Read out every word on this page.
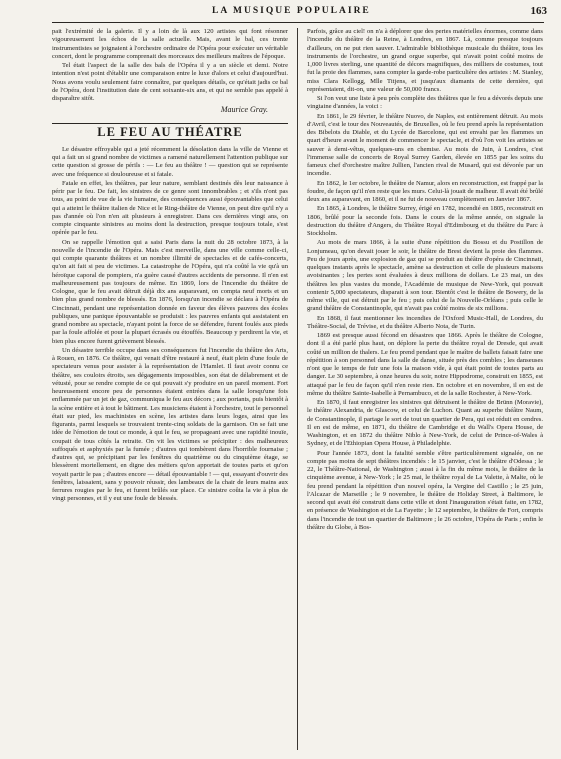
LA MUSIQUE POPULAIRE	163

pait l'extrémité de la galerie. Il y a loin de là aux 120 artistes qui font résonner vigoureusement les échos de la salle actuelle. Mais, avant le bal, ces trente instrumentistes se joignaient à l'orchestre ordinaire de l'Opéra pour exécuter un véritable concert, dont le programme comprenait des morceaux des meilleurs maîtres de l'époque.

Tel était l'aspect de la salle des bals de l'Opéra il y a un siècle et demi. Notre intention n'est point d'établir une comparaison entre le luxe d'alors et celui d'aujourd'hui. Nous avons voulu seulement faire connaître, par quelques détails, ce qu'était jadis ce bal de l'Opéra, dont l'institution date de cent soixante-six ans, et qui ne semble pas appelé à disparaître sitôt.

Maurice Gray.
LE FEU AU THÉATRE

Le désastre effroyable qui a jeté récemment la désolation dans la ville de Vienne et qui a fait un si grand nombre de victimes a ramené naturellement l'attention publique sur cette question si grosse de périls : — Le feu au théâtre ! — question qui se représente avec une fréquence si douloureuse et si fatale.

Fatale en effet, les théâtres, par leur nature, semblant destinés dès leur naissance à périr par le feu. De fait, les sinistres de ce genre sont innombrables ; et s'ils n'ont pas tous, au point de vue de la vie humaine, des conséquences aussi épouvantables que celui qui a atteint le théâtre italien de Nice et le Ring-théâtre de Vienne, on peut dire qu'il n'y a pas d'année où l'on n'en ait plusieurs à enregistrer. Dans ces dernières vingt ans, on compte cinquante sinistres au moins dont la destruction, presque toujours totale, s'est opérée par le feu.

On se rappelle l'émotion qui a saisi Paris dans la nuit du 28 octobre 1873, à la nouvelle de l'incendie de l'Opéra. Mais c'est merveille, dans une ville comme celle-ci, qui compte quarante théâtres et un nombre illimité de spectacles et de cafés-concerts, qu'on ait fait si peu de victimes. La catastrophe de l'Opéra, qui n'a coûté la vie qu'à un héroïque caporal de pompiers, n'a guère causé d'autres accidents de personne. Il n'en est malheureusement pas toujours de même. En 1869, lors de l'incendie du théâtre de Cologne, que le feu avait détruit déjà dix ans auparavant, on compta neuf morts et un bien plus grand nombre de blessés. En 1876, lorsqu'un incendie se déclara à l'Opéra de Cincinnati, pendant une représentation donnée en faveur des élèves pauvres des écoles publiques, une panique épouvantable se produisit : les pauvres enfants qui assistaient en grand nombre au spectacle, n'ayant point la force de se défendre, furent foulés aux pieds par la foule affolée et pour la plupart écrasés ou étouffés. Beaucoup y perdirent la vie, et bien plus encore furent grièvement blessés.

Un désastre terrible occupe dans ses conséquences fut l'incendie du théâtre des Arts, à Rouen, en 1876. Ce théâtre, qui venait d'être restauré à neuf, était plein d'une foule de spectateurs venus pour assister à la représentation de l'Hamlet. Il faut avoir connu ce théâtre, ses couloirs étroits, ses dégagements impossibles, son état de délabrement et de vétusté, pour se rendre compte de ce qui pouvait s'y produire en un pareil moment. Fort heureusement encore peu de personnes étaient entrées dans la salle lorsqu'une fois enflammée par un jet de gaz, communiqua le feu aux décors ; aux portants, puis bientôt à la scène entière et à tout le bâtiment. Les musiciens étaient à l'orchestre, tout le personnel était sur pied, les machinistes en scène, les artistes dans leurs loges, ainsi que les figurants, parmi lesquels se trouvaient trente-cinq soldats de la garnison. On se fait une idée de l'émotion de tout ce monde, à qui le feu, se propageant avec une rapidité inouïe, coupait de tous côtés la retraite. On vit les victimes se précipiter : des malheureux suffoqués et asphyxiés par la fumée ; d'autres qui tombèrent dans l'horrible fournaise ; d'autres qui, se précipitant par les fenêtres du quatrième ou du cinquième étage, se blessèrent mortellement, en digne des métiers qu'on apportait de toutes parts et qu'on voyait partir le pas ; d'autres encore — détail épouvantable ! — qui, essayant d'ouvrir des fenêtres, laissaient, sans y pouvoir réussir, des lambeaux de la chair de leurs mains aux ferrures rougies par le feu, et furent brûlés sur place. Ce sinistre coûta la vie à plus de vingt personnes, et il y eut une foule de blessés.

Parfois, grâce au ciel! on n'a à déplorer que des pertes matérielles énormes, comme dans l'incendie du théâtre de la Reine, à Londres, en 1867. Là, comme presque toujours d'ailleurs, on ne put rien sauver. L'admirable bibliothèque musicale du théâtre, tous les instruments de l'orchestre, un grand orgue superbe, qui n'avait point coûté moins de 1,000 livres sterling, une quantité de décors magnifiques, des milliers de costumes, tout fut la proie des flammes, sans compter la garde-robe particulière des artistes : M. Stanley, miss Clara Kellogg, Mlle Titjens, et jusqu'aux diamants de cette dernière, qui représentaient, dit-on, une valeur de 50,000 francs.

Si l'on veut une liste à peu près complète des théâtres que le feu a dévorés depuis une vingtaine d'années, la voici :

En 1861, le 29 février, le théâtre Nuovo, de Naples, est entièrement détruit. Au mois d'Avril, c'est le tour des Nouveautés, de Bruxelles, où le feu prend après la représentation des Bibelots du Diable, et du Lycée de Barcelone, qui est envahi par les flammes un quart d'heure avant le moment de commencer le spectacle, et d'où l'on voit les artistes se sauver à demi-vêtus, quelques-uns en chemise. Au mois de Juin, à Londres, c'est l'immense salle de concerts de Royal Surrey Garden, élevée en 1855 par les soins du fameux chef d'orchestre maître Jullien, l'ancien rival de Musard, qui est dévorée par un incendie.

En 1862, le 1er octobre, le théâtre de Namur, alors en reconstruction, est frappé par la foudre, de façon qu'il n'en reste que les murs. Celui-là jouait de malheur. Il avait été brûlé deux ans auparavant, en 1860, et il ne fut de nouveau complètement en Janvier 1867.

En 1865, à Londres, le théâtre Surrey, érigé en 1782, incendié en 1805, reconstruit en 1806, brûlé pour la seconde fois. Dans le cours de la même année, on signale la destruction du théâtre d'Angers, du Théâtre Royal d'Edimbourg et du théâtre du Parc à Stockholm.

Au mois de mars 1866, à la suite d'une répétition du Bossu et du Postillon de Lonjumeau, qu'on devait jouer le soir, le théâtre de Brest devient la proie des flammes. Peu de jours après, une explosion de gaz qui se produit au théâtre d'opéra de Cincinnati, quelques instants après le spectacle, amène sa destruction et celle de plusieurs maisons avoisinantes ; les pertes sont évaluées à deux millions de dollars. Le 23 mai, un des théâtres les plus vastes du monde, l'Académie de musique de New-York, qui pouvait contenir 5,000 spectateurs, disparait à son tour. Bientôt c'est le théâtre de Bowery, de la même ville, qui est détruit par le feu ; puis celui de la Nouvelle-Orléans ; puis celle le grand théâtre de Constantinople, qui n'avait pas coûté moins de six millions.

En 1868, il faut mentionner les incendies de l'Oxford Music-Hall, de Londres, du Théâtre-Social, de Trévise, et du théâtre Alberto Nota, de Turin.

1869 est presque aussi fécond en désastres que 1866. Après le théâtre de Cologne, dont il a été parlé plus haut, on déplore la perte du théâtre royal de Dresde, qui avait coûté un million de thalers. Le feu prend pendant que le maître de ballets faisait faire une répétition à son personnel dans la salle de danse, située près des combles ; les danseuses n'ont que le temps de fuir une fois la maison vide, à qui était point de toutes parts au danger. Le 30 septembre, à onze heures du soir, notre Hippodrome, construit en 1855, est attaqué par le feu de façon qu'il n'en reste rien. En octobre et en novembre, il en est de même du théâtre Sainte-Isabelle à Pernambuco, et de la salle Rochester, à New-York.

En 1870, il faut enregistrer les sinistres qui détruisent le théâtre de Brünn (Moravie), le théâtre Alexandria, de Glascow, et celui de Luchon. Quant au superbe théâtre Naum, de Constantinople, il partage le sort de tout un quartier de Pera, qui est réduit en cendres. Il en est de même, en 1871, du théâtre de Cambridge et du Wall's Opera House, de Washington, et en 1872 du théâtre Niblo à New-York, de celui de Prince-of-Wales à Sydney, et de l'Ethiopian Opera House, à Philadelphie.

Pour l'année 1873, dont la fatalité semble s'être particulièrement signalée, on ne compte pas moins de sept théâtres incendiés : le 15 janvier, c'est le théâtre d'Odessa ; le 22, le Théâtre-National, de Washington ; aussi à la fin du même mois, le théâtre de la cinquième avenue, à New-York ; le 25 mai, le théâtre royal de La Valette, à Malte, où le feu prend pendant la répétition d'un nouvel opéra, la Vergine del Castillo ; le 25 juin, l'Alcazar de Marseille ; le 9 novembre, le théâtre de Holiday Street, à Baltimore, le second qui avait été construit dans cette ville et dont l'inauguration s'était faite, en 1782, en présence de Washington et de La Fayette ; le 12 septembre, le théâtre de Fort, compris dans l'incendie de tout un quartier de Baltimore ; le 26 octobre, l'Opéra de Paris ; enfin le théâtre du Globe, à Bos-
